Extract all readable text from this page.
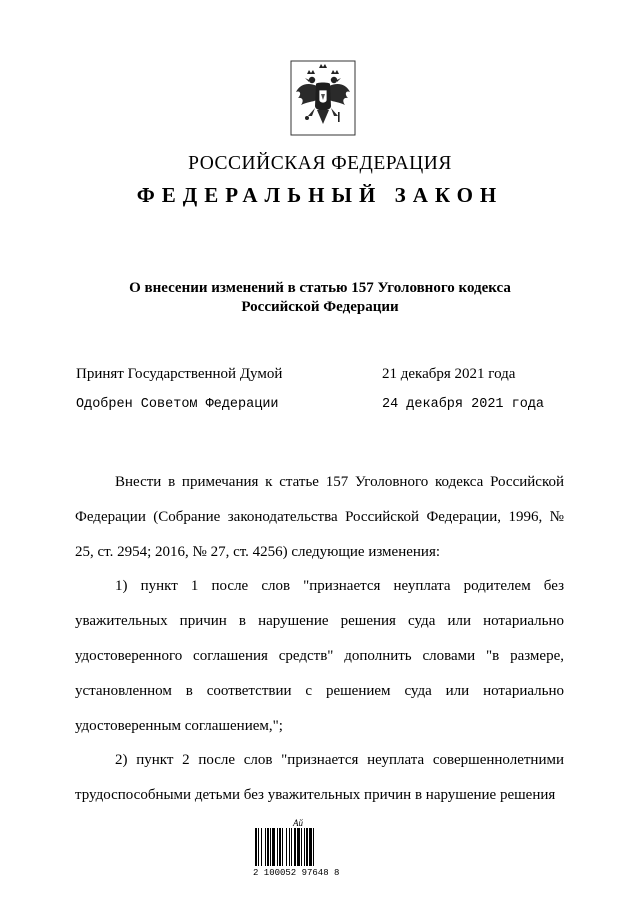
РОССИЙСКАЯ ФЕДЕРАЦИЯ
ФЕДЕРАЛЬНЫЙ ЗАКОН
О внесении изменений в статью 157 Уголовного кодекса
Российской Федерации
Принят Государственной Думой	21 декабря 2021 года
Одобрен Советом Федерации	24 декабря 2021 года

Внести в примечания к статье 157 Уголовного кодекса Российской Федерации (Собрание законодательства Российской Федерации, 1996, № 25, ст. 2954; 2016, № 27, ст. 4256) следующие изменения:

1) пункт 1 после слов "признается неуплата родителем без уважительных причин в нарушение решения суда или нотариально удостоверенного соглашения средств" дополнить словами "в размере, установленном в соответствии с решением суда или нотариально удостоверенным соглашением,";

2) пункт 2 после слов "признается неуплата совершеннолетними трудоспособными детьми без уважительных причин в нарушение решения

Ай
2 100052 97648 8
